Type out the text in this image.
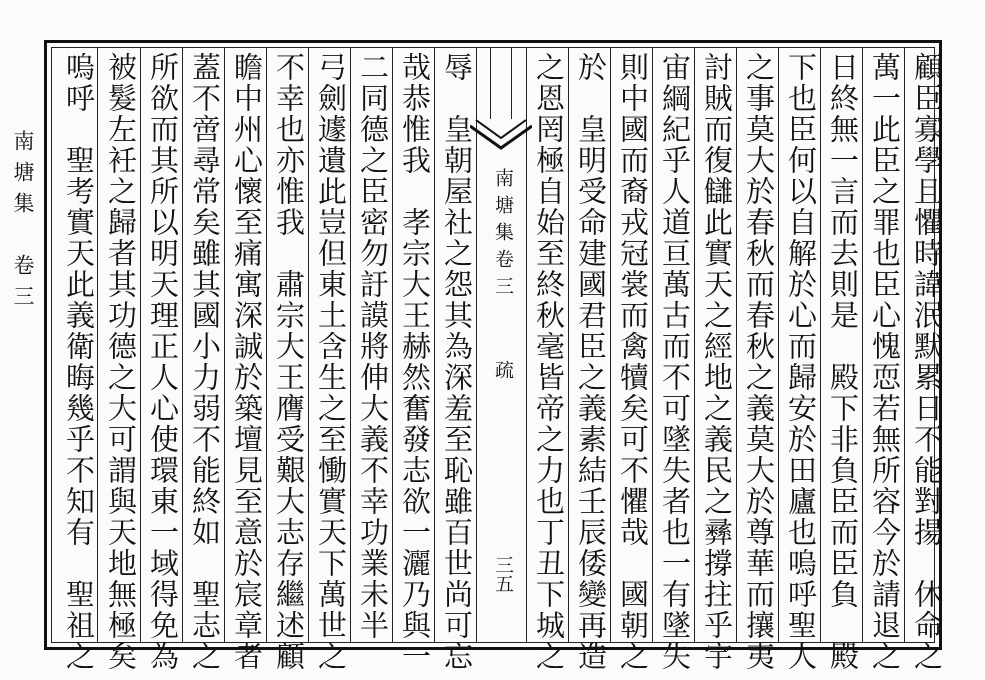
南塘集　卷三	南塘集卷三
疏
三五	顧臣寡學且懼時諱泯默累日不能對揚　休命之
萬一此臣之罪也臣心愧恧若無所容今於請退之
日終無一言而去則是　殿下非負臣而臣負　殿
下也臣何以自解於心而歸安於田廬也嗚呼聖人
之事莫大於春秋而春秋之義莫大於尊華而攘夷
討賊而復讎此實天之經地之義民之彞撐拄乎宇
宙綱紀乎人道亘萬古而不可墜失者也一有墜失
則中國而裔戎冠裳而禽犢矣可不懼哉　國朝之
於　皇明受命建國君臣之義素結壬辰倭變再造
之恩罔極自始至終秋毫皆帝之力也丁丑下城之
辱　皇朝屋社之怨其為深羞至恥雖百世尚可忘
哉恭惟我　孝宗大王赫然奮發志欲一灑乃與一
二同德之臣密勿訏謨將伸大義不幸功業未半
弓劍遽遺此豈但東土含生之至慟實天下萬世之
不幸也亦惟我　肅宗大王膺受艱大志存繼述顧
瞻中州心懷至痛寓深誠於築壇見至意於宸章者
蓋不啻尋常矣雖其國小力弱不能終如　聖志之
所欲而其所以明天理正人心使環東一域得免為
被髮左衽之歸者其功德之大可謂與天地無極矣
嗚呼　聖考實天此義衛晦幾乎不知有　聖祖之
